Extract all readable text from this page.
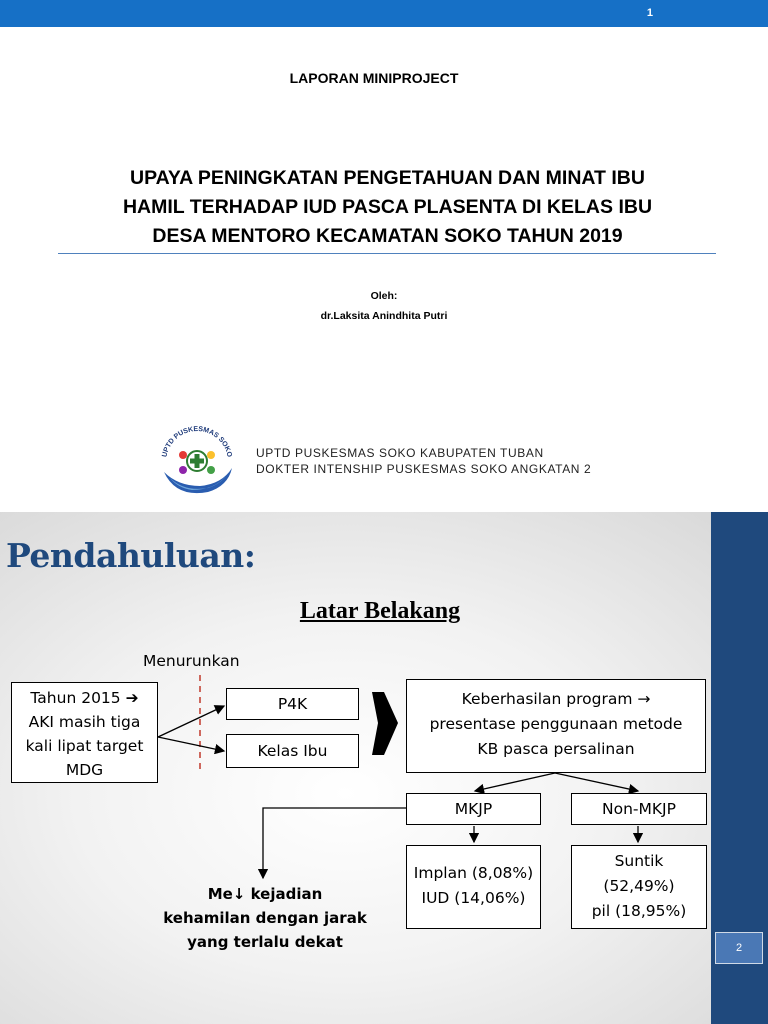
1
LAPORAN MINIPROJECT
UPAYA PENINGKATAN PENGETAHUAN DAN MINAT IBU
HAMIL TERHADAP IUD PASCA PLASENTA DI KELAS IBU
DESA MENTORO KECAMATAN SOKO TAHUN 2019
Oleh:
dr.Laksita Anindhita Putri
UPTD PUSKESMAS SOKO UPTD PUSKESMAS SOKO KABUPATEN TUBAN
DOKTER INTENSHIP PUSKESMAS SOKO ANGKATAN 2
2
Pendahuluan:
Latar Belakang
Menurunkan
Tahun 2015 ➔
AKI masih tiga
kali lipat target
MDG
P4K
Kelas Ibu
Keberhasilan program →
presentase penggunaan metode
KB pasca persalinan
MKJP	Non-MKJP
Implan (8,08%)
IUD (14,06%)
Suntik
(52,49%)
pil (18,95%)
Me↓ kejadian
kehamilan dengan jarak
yang terlalu dekat
